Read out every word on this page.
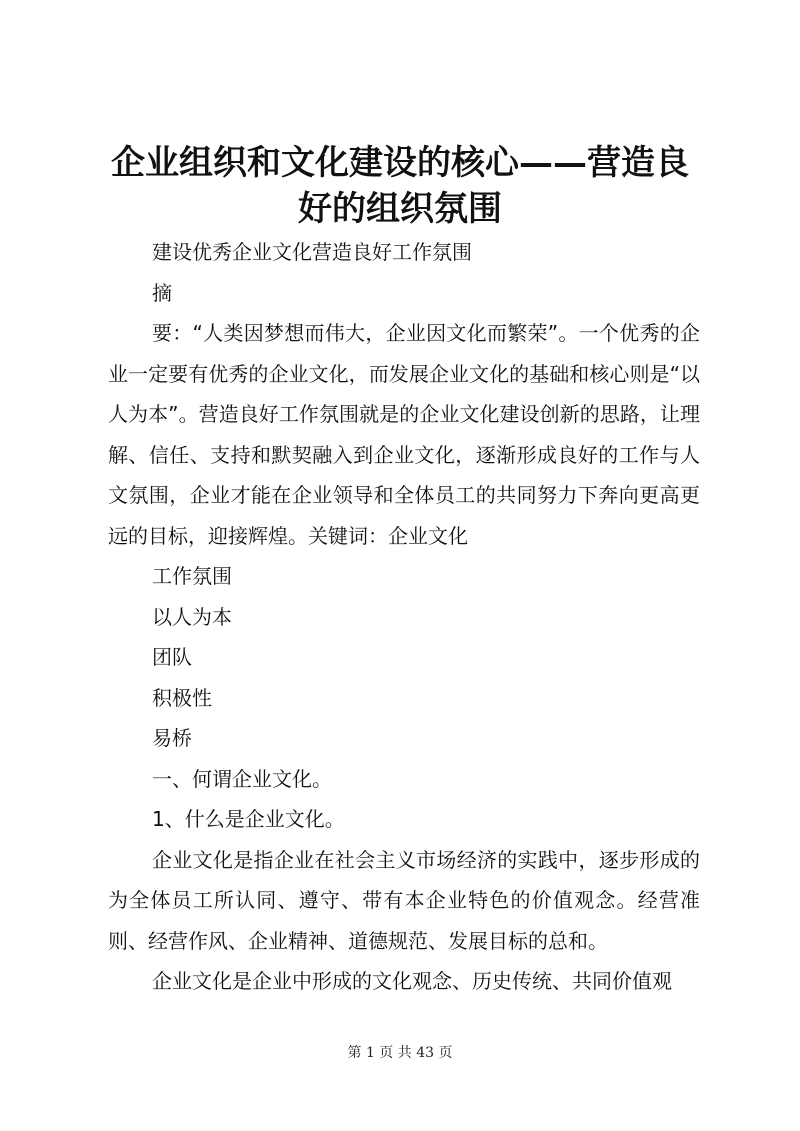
企业组织和文化建设的核心——营造良好的组织氛围

建设优秀企业文化营造良好工作氛围

摘

要：“人类因梦想而伟大，企业因文化而繁荣”。一个优秀的企业一定要有优秀的企业文化，而发展企业文化的基础和核心则是“以人为本”。营造良好工作氛围就是的企业文化建设创新的思路，让理解、信任、支持和默契融入到企业文化，逐渐形成良好的工作与人文氛围，企业才能在企业领导和全体员工的共同努力下奔向更高更远的目标，迎接辉煌。关键词：企业文化

工作氛围

以人为本

团队

积极性

易桥

一、何谓企业文化。

1、什么是企业文化。

企业文化是指企业在社会主义市场经济的实践中，逐步形成的为全体员工所认同、遵守、带有本企业特色的价值观念。经营准则、经营作风、企业精神、道德规范、发展目标的总和。

企业文化是企业中形成的文化观念、历史传统、共同价值观

第 1 页 共 43 页
